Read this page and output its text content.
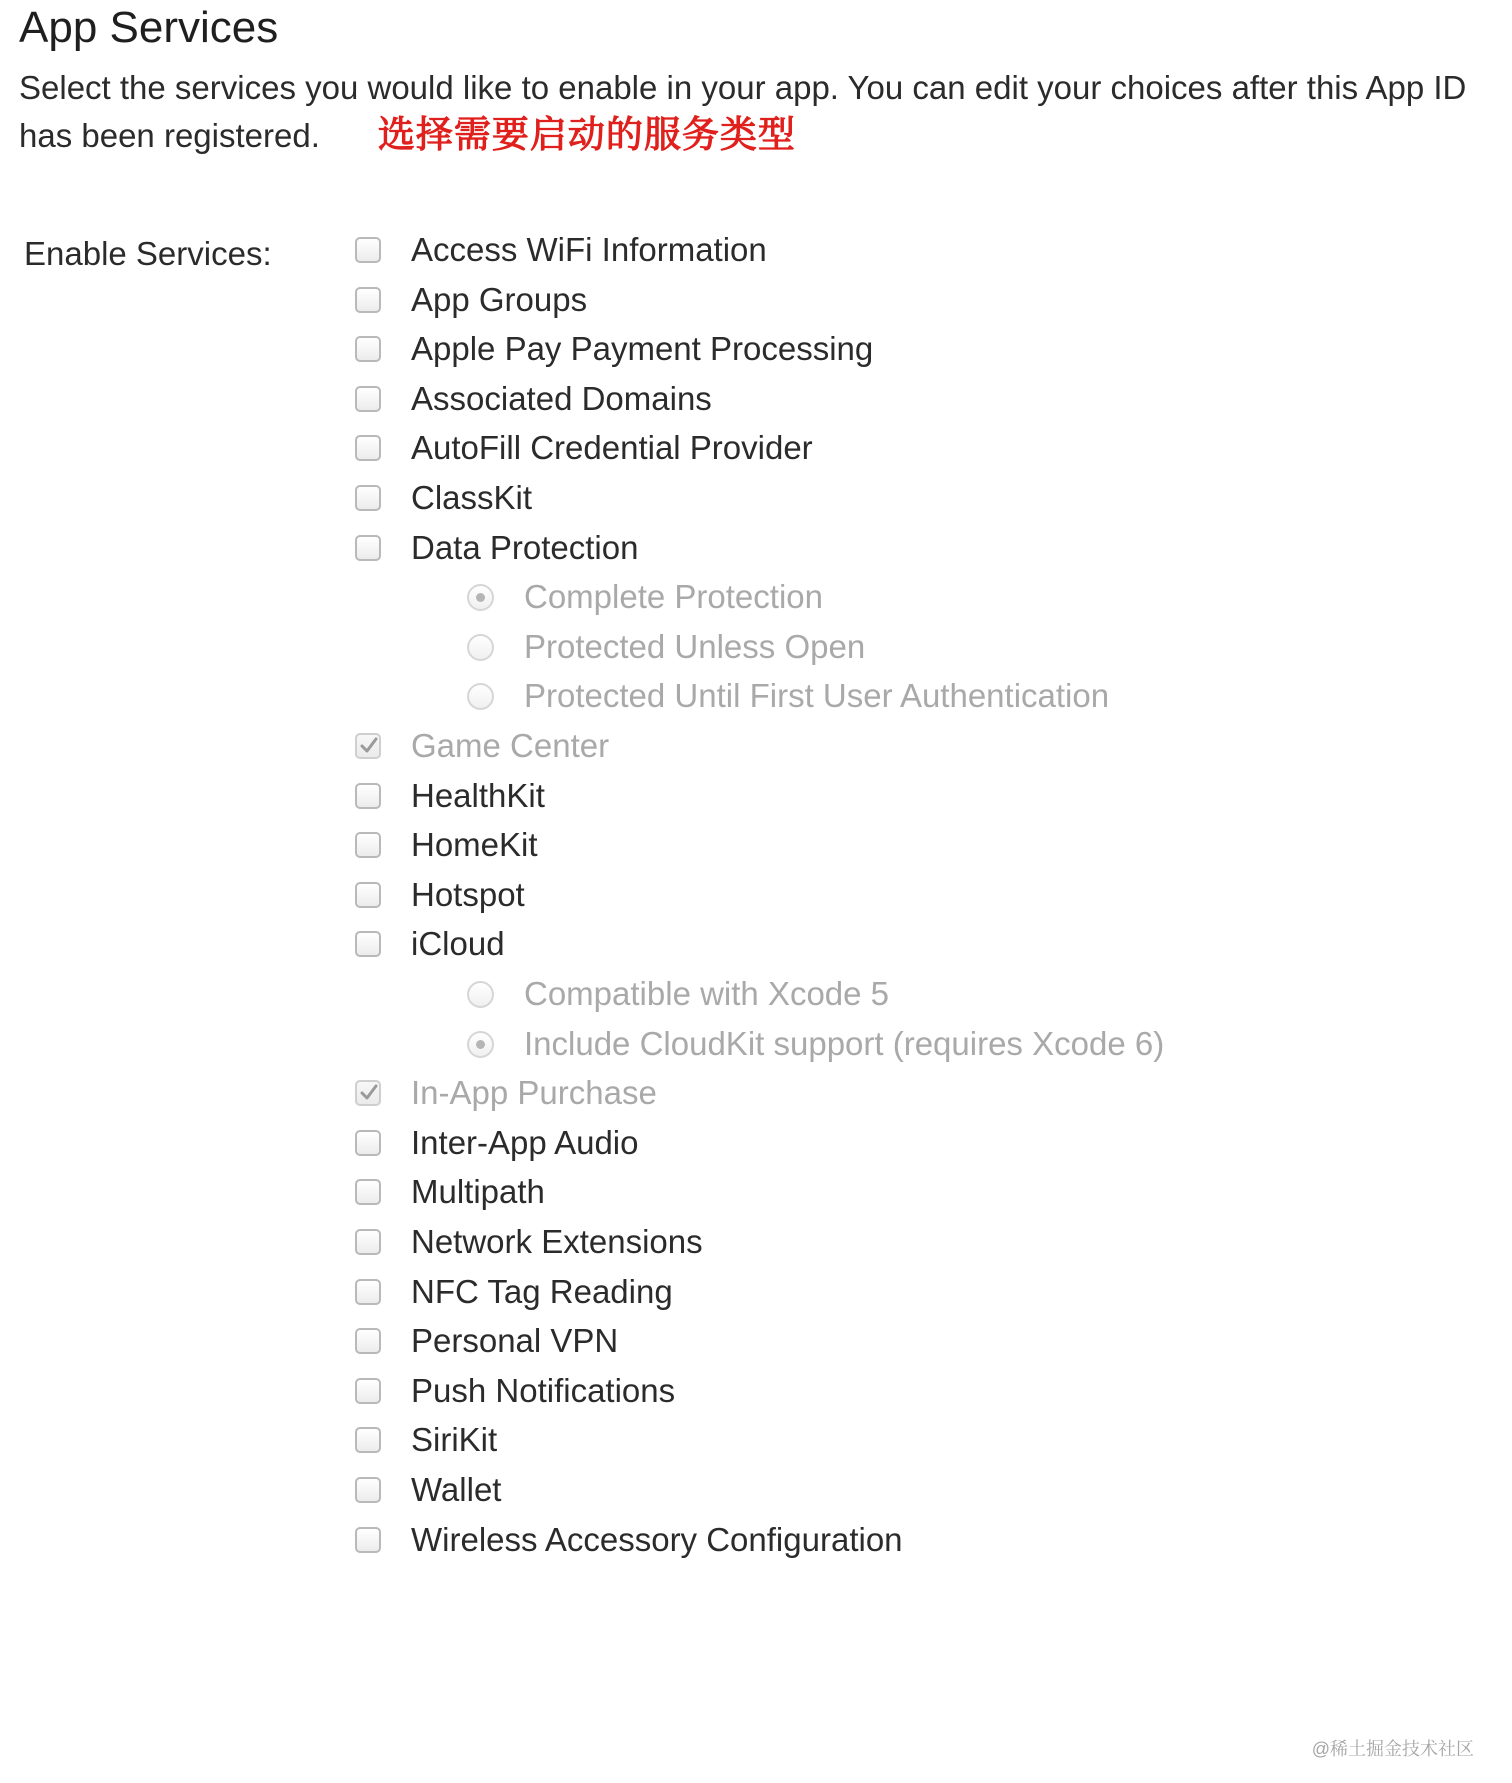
App Services
Select the services you would like to enable in your app. You can edit your choices after this App ID has been registered. 选择需要启动的服务类型
Enable Services:	Access WiFi Information
App Groups
Apple Pay Payment Processing
Associated Domains
AutoFill Credential Provider
ClassKit
Data Protection
Complete Protection
Protected Unless Open
Protected Until First User Authentication
Game Center
HealthKit
HomeKit
Hotspot
iCloud
Compatible with Xcode 5
Include CloudKit support (requires Xcode 6)
In-App Purchase
Inter-App Audio
Multipath
Network Extensions
NFC Tag Reading
Personal VPN
Push Notifications
SiriKit
Wallet
Wireless Accessory Configuration
@稀土掘金技术社区
